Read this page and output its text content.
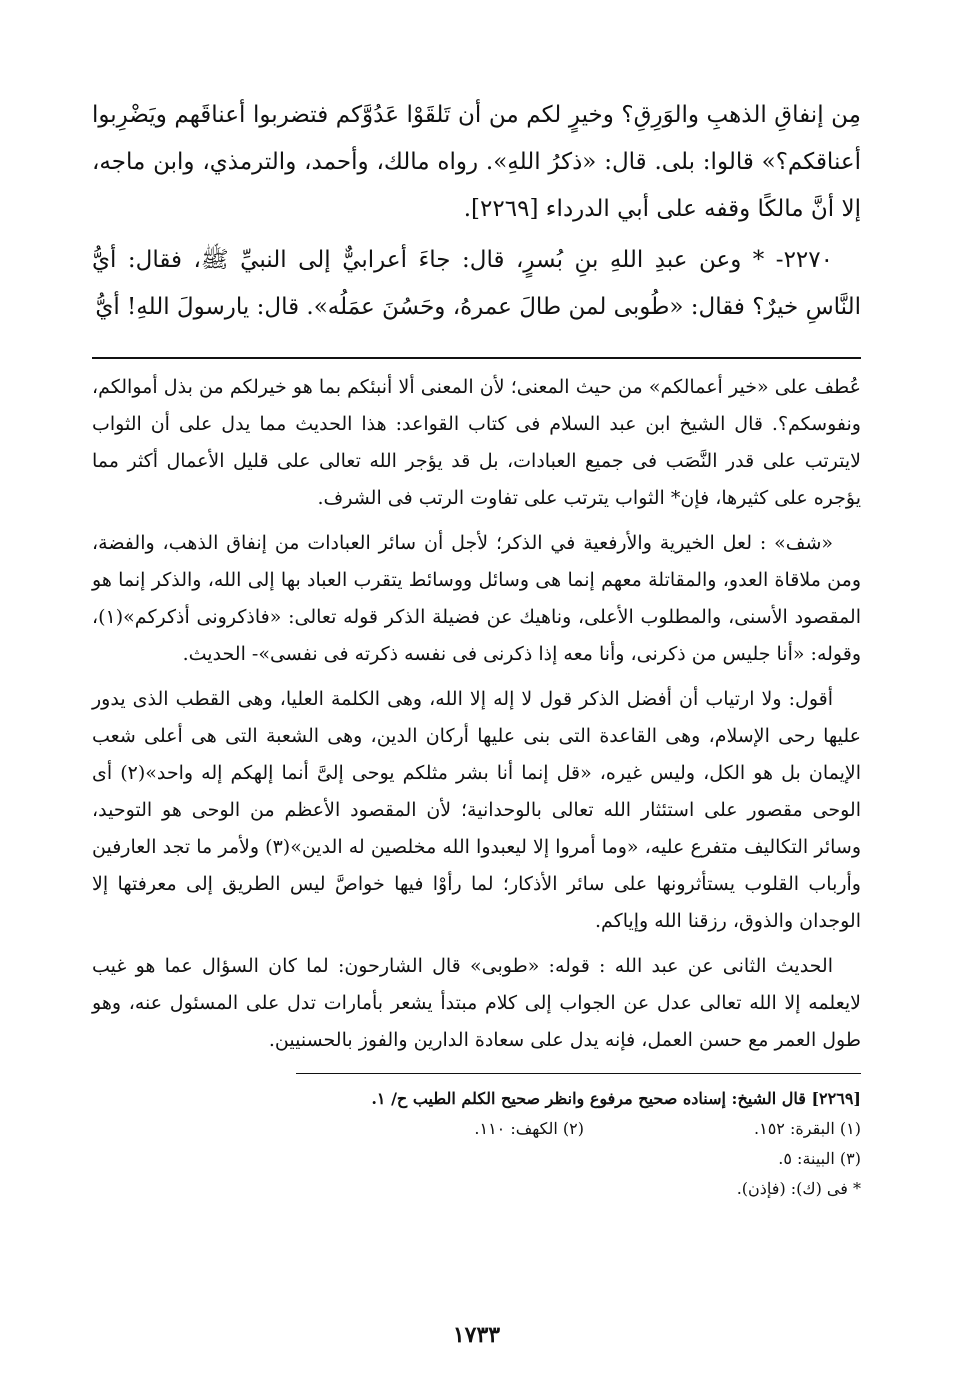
مِن إنفاقِ الذهبِ والوَرِقِ؟ وخيرٍ لكم من أن تَلقَوْا عَدُوَّكم فتضربوا أعناقَهم ويَضْرِبوا أعناقكم؟» قالوا: بلى. قال: «ذكرُ اللهِ». رواه مالك، وأحمد، والترمذي، وابن ماجه، إلا أنَّ مالكًا وقفه على أبي الدرداء [٢٢٦٩].

٢٢٧٠- * وعن عبدِ اللهِ بنِ بُسرٍ، قال: جاءَ أعرابيٌّ إلى النبيِّ ﷺ، فقال: أيُّ النَّاسِ خيرٌ؟ فقال: «طُوبى لمن طالَ عمرهُ، وحَسُنَ عمَلُه». قال: يارسولَ اللهِ! أيُّ

عُطف على «خير أعمالكم» من حيث المعنى؛ لأن المعنى ألا أنبئكم بما هو خيرلكم من بذل أموالكم، ونفوسكم؟. قال الشيخ ابن عبد السلام فى كتاب القواعد: هذا الحديث مما يدل على أن الثواب لايترتب على قدر النَّصَب فى جميع العبادات، بل قد يؤجر الله تعالى على قليل الأعمال أكثر مما يؤجره على كثيرها، فإن* الثواب يترتب على تفاوت الرتب فى الشرف.

«شف» : لعل الخيرية والأرفعية في الذكر؛ لأجل أن سائر العبادات من إنفاق الذهب، والفضة، ومن ملاقاة العدو، والمقاتلة معهم إنما هى وسائل ووسائط يتقرب العباد بها إلى الله، والذكر إنما هو المقصود الأسنى، والمطلوب الأعلى، وناهيك عن فضيلة الذكر قوله تعالى: «فاذكرونى أذكركم»(١)، وقوله: «أنا جليس من ذكرنى، وأنا معه إذا ذكرنى فى نفسه ذكرته فى نفسى»- الحديث.

أقول: ولا ارتياب أن أفضل الذكر قول لا إله إلا الله، وهى الكلمة العليا، وهى القطب الذى يدور عليها رحى الإسلام، وهى القاعدة التى بنى عليها أركان الدين، وهى الشعبة التى هى أعلى شعب الإيمان بل هو الكل، وليس غيره، «قل إنما أنا بشر مثلكم يوحى إلىَّ أنما إلهكم إله واحد»(٢) أى الوحى مقصور على استئثار الله تعالى بالوحدانية؛ لأن المقصود الأعظم من الوحى هو التوحيد، وسائر التكاليف متفرع عليه، «وما أمروا إلا ليعبدوا الله مخلصين له الدين»(٣) ولأمر ما تجد العارفين وأرباب القلوب يستأثرونها على سائر الأذكار؛ لما رأوْا فيها خواصَّ ليس الطريق إلى معرفتها إلا الوجدان والذوق، رزقنا الله وإياكم.

الحديث الثانى عن عبد الله : قوله: «طوبى» قال الشارحون: لما كان السؤال عما هو غيب لايعلمه إلا الله تعالى عدل عن الجواب إلى كلام مبتدأ يشعر بأمارات تدل على المسئول عنه، وهو طول العمر مع حسن العمل، فإنه يدل على سعادة الدارين والفوز بالحسنيين.

[٢٢٦٩] قال الشيخ: إسناده صحيح مرفوع وانظر صحيح الكلم الطيب ح/ ١.

(١) البقرة: ١٥٢.
(٢) الكهف: ١١٠.

(٣) البينة: ٥.

* فى (ك): (فإذن).

١٧٣٣
